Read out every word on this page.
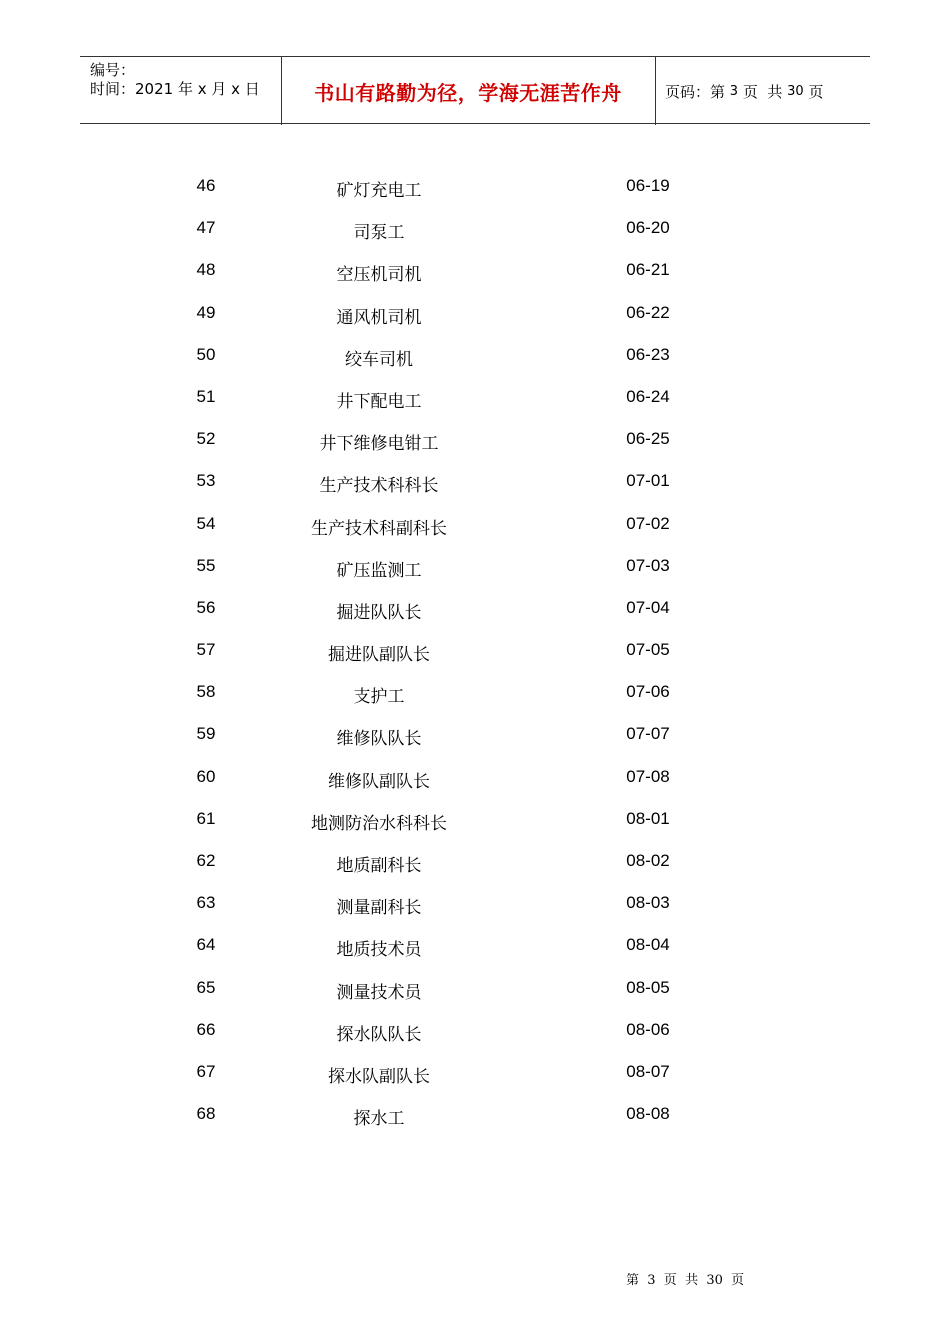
编号：
时间：2021 年 x 月 x 日	书山有路勤为径，学海无涯苦作舟	页码：第 3 页  共 30 页
46	矿灯充电工	06-19
47	司泵工	06-20
48	空压机司机	06-21
49	通风机司机	06-22
50	绞车司机	06-23
51	井下配电工	06-24
52	井下维修电钳工	06-25
53	生产技术科科长	07-01
54	生产技术科副科长	07-02
55	矿压监测工	07-03
56	掘进队队长	07-04
57	掘进队副队长	07-05
58	支护工	07-06
59	维修队队长	07-07
60	维修队副队长	07-08
61	地测防治水科科长	08-01
62	地质副科长	08-02
63	测量副科长	08-03
64	地质技术员	08-04
65	测量技术员	08-05
66	探水队队长	08-06
67	探水队副队长	08-07
68	探水工	08-08
第  3  页  共  30  页
